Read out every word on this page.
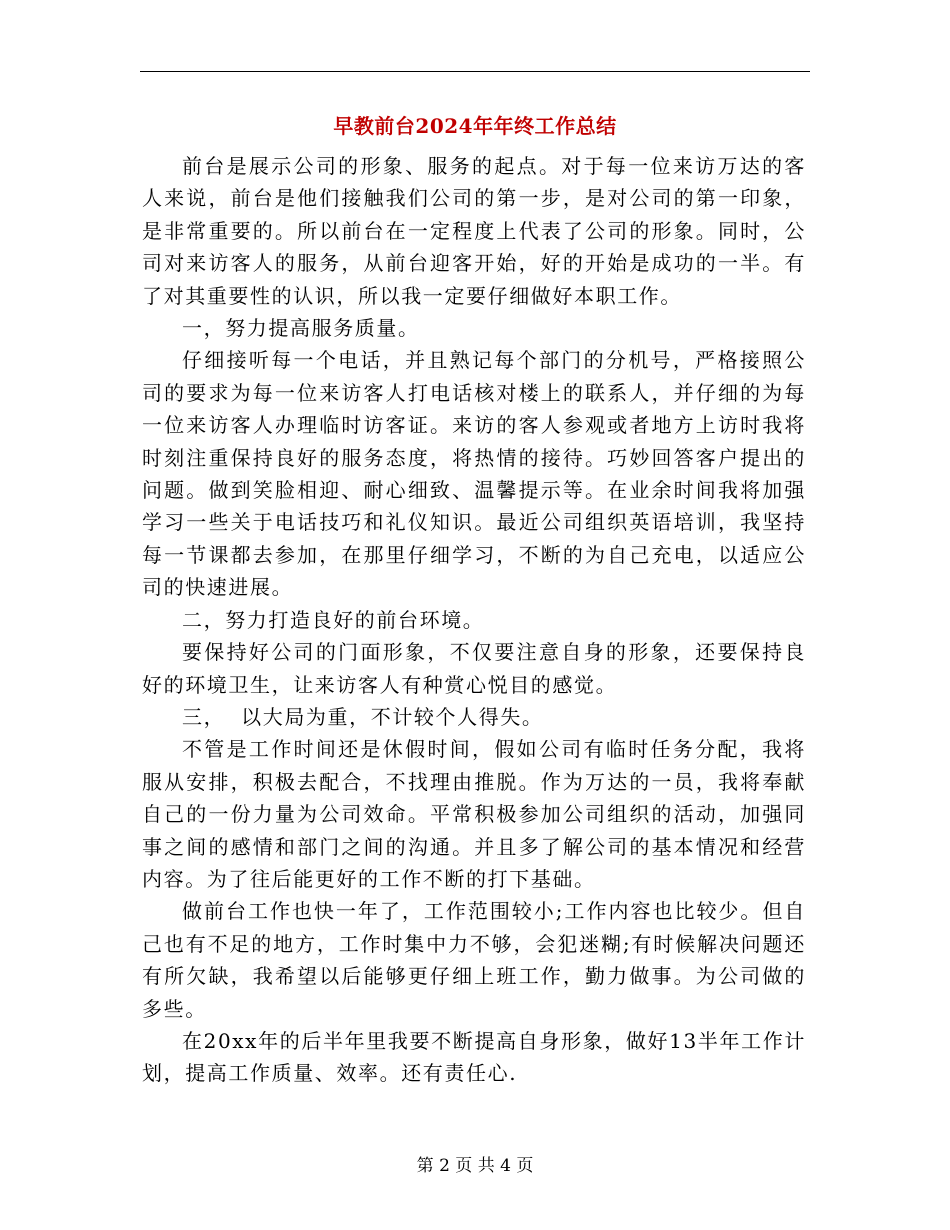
早教前台2024年年终工作总结

前台是展示公司的形象、服务的起点。对于每一位来访万达的客人来说，前台是他们接触我们公司的第一步，是对公司的第一印象，是非常重要的。所以前台在一定程度上代表了公司的形象。同时，公司对来访客人的服务，从前台迎客开始，好的开始是成功的一半。有了对其重要性的认识，所以我一定要仔细做好本职工作。

一，努力提高服务质量。

仔细接听每一个电话，并且熟记每个部门的分机号，严格接照公司的要求为每一位来访客人打电话核对楼上的联系人，并仔细的为每一位来访客人办理临时访客证。来访的客人参观或者地方上访时我将时刻注重保持良好的服务态度，将热情的接待。巧妙回答客户提出的问题。做到笑脸相迎、耐心细致、温馨提示等。在业余时间我将加强学习一些关于电话技巧和礼仪知识。最近公司组织英语培训，我坚持每一节课都去参加，在那里仔细学习，不断的为自己充电，以适应公司的快速进展。

二，努力打造良好的前台环境。

要保持好公司的门面形象，不仅要注意自身的形象，还要保持良好的环境卫生，让来访客人有种赏心悦目的感觉。

三，  以大局为重，不计较个人得失。

不管是工作时间还是休假时间，假如公司有临时任务分配，我将服从安排，积极去配合，不找理由推脱。作为万达的一员，我将奉献自己的一份力量为公司效命。平常积极参加公司组织的活动，加强同事之间的感情和部门之间的沟通。并且多了解公司的基本情况和经营内容。为了往后能更好的工作不断的打下基础。

做前台工作也快一年了，工作范围较小;工作内容也比较少。但自己也有不足的地方，工作时集中力不够，会犯迷糊;有时候解决问题还有所欠缺，我希望以后能够更仔细上班工作，勤力做事。为公司做的多些。

在20xx年的后半年里我要不断提高自身形象，做好13半年工作计划，提高工作质量、效率。还有责任心.

第 2 页 共 4 页
